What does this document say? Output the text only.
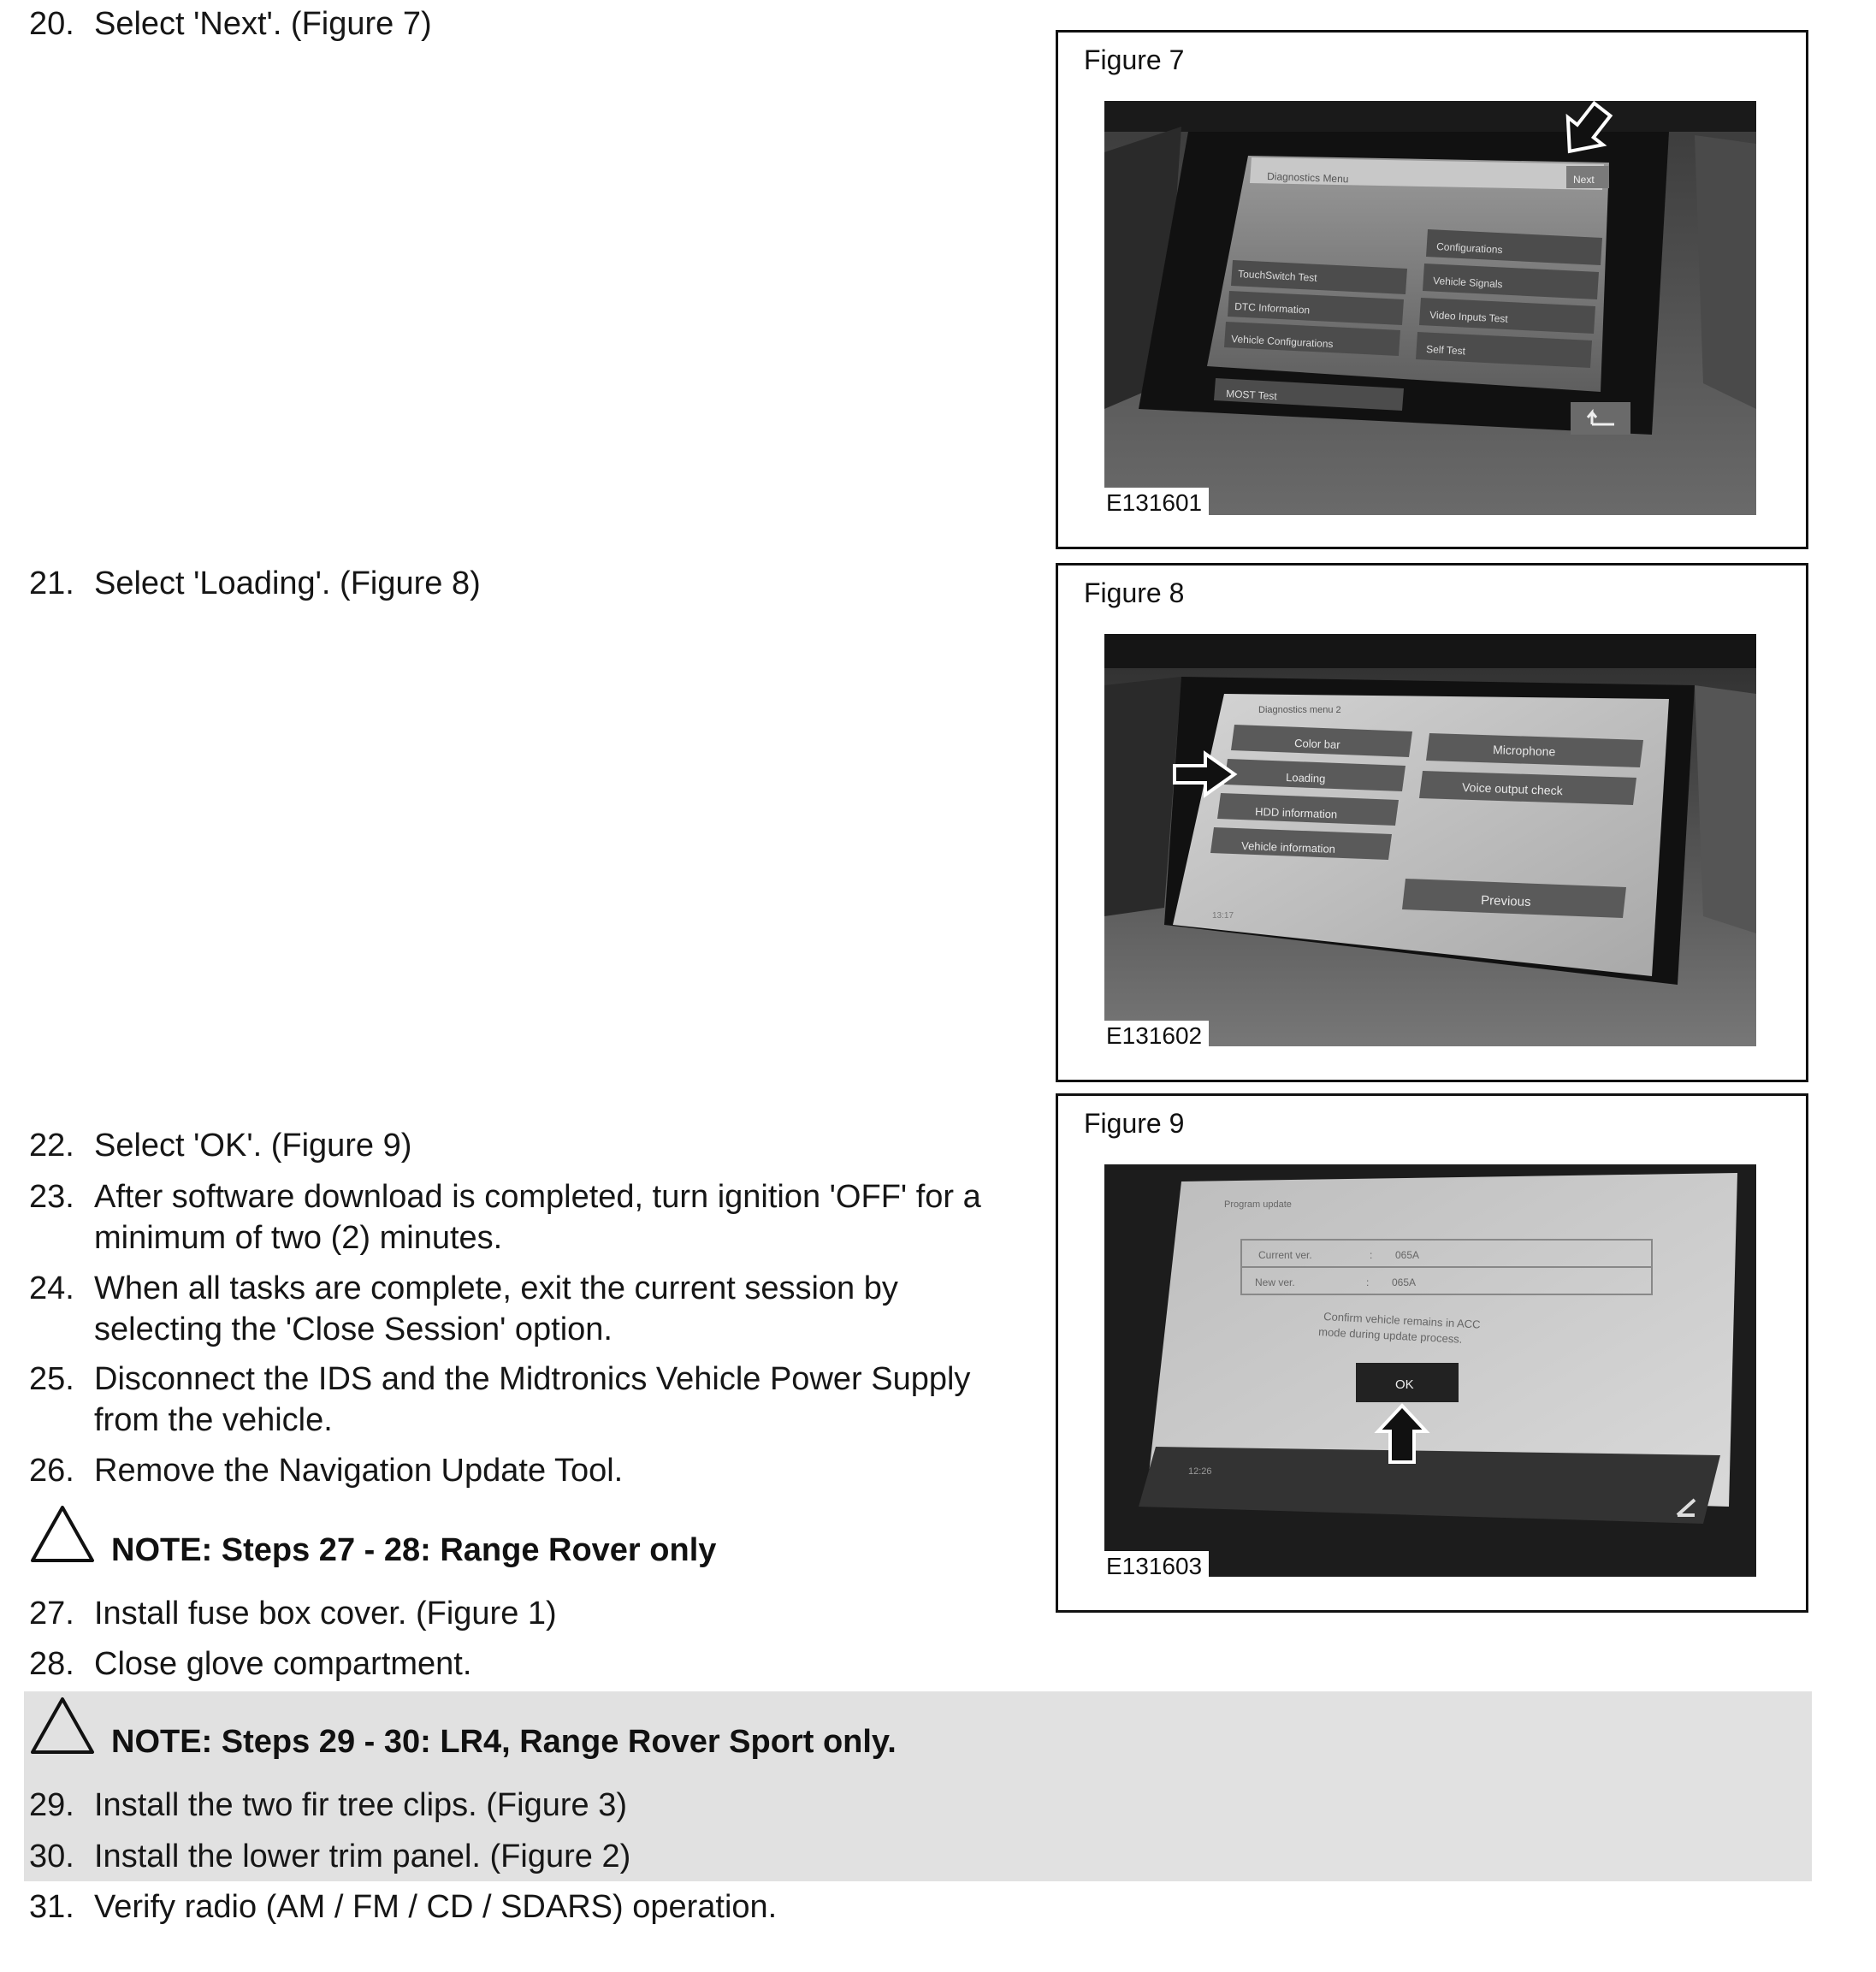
20. Select 'Next'. (Figure 7)
21. Select 'Loading'. (Figure 8)
22. Select 'OK'. (Figure 9)
23. After software download is completed, turn ignition 'OFF' for a minimum of two (2) minutes.
24. When all tasks are complete, exit the current session by selecting the 'Close Session' option.
25. Disconnect the IDS and the Midtronics Vehicle Power Supply from the vehicle.
26. Remove the Navigation Update Tool.
NOTE: Steps 27 - 28: Range Rover only
27. Install fuse box cover. (Figure 1)
28. Close glove compartment.
NOTE: Steps 29 - 30: LR4, Range Rover Sport only.
29. Install the two fir tree clips. (Figure 3)
30. Install the lower trim panel. (Figure 2)
31. Verify radio (AM / FM / CD / SDARS) operation.
Figure 7
Diagnostics Menu	Next
TouchSwitch Test
DTC Information
Vehicle Configurations
Configurations
Vehicle Signals
Video Inputs Test
Self Test
MOST Test
E131601
Figure 8
Diagnostics menu 2
Color bar
Loading
HDD information
Vehicle information
Microphone
Voice output check
Previous
13:17
E131602
Figure 9
Program update
Current ver.	: 065A
New ver.	: 065A
Confirm vehicle remains in ACC
mode during update process.
OK
12:26
E131603
